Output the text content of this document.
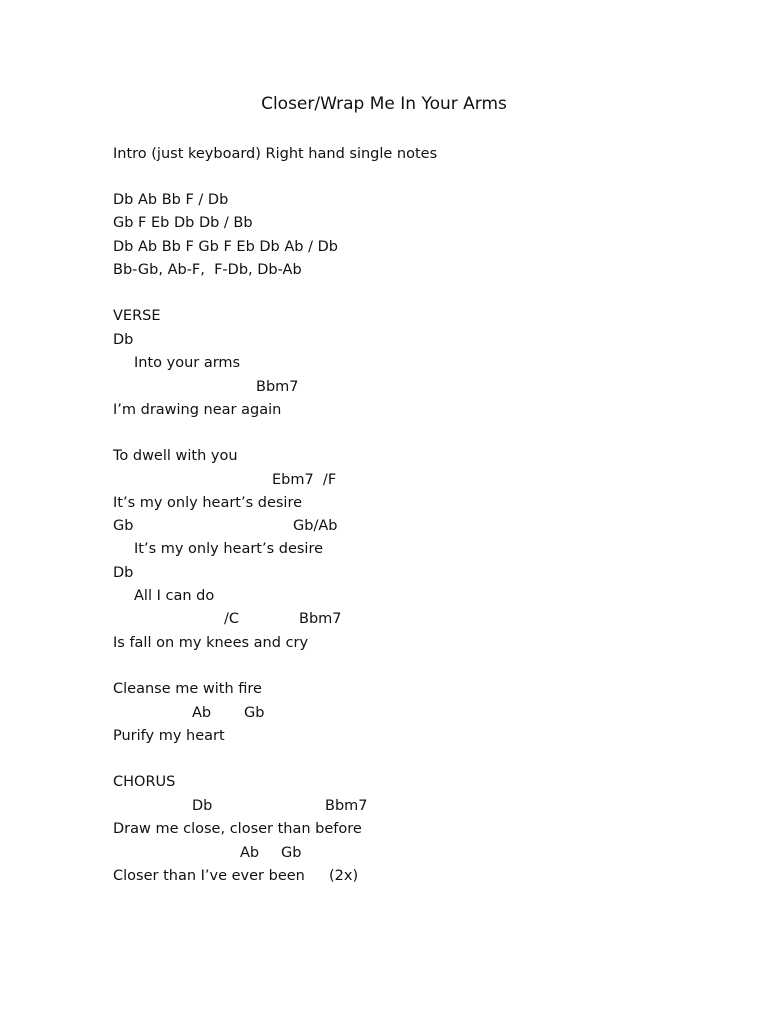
Closer/Wrap Me In Your Arms
Intro (just keyboard) Right hand single notes
Db Ab Bb F / Db
Gb F Eb Db Db / Bb
Db Ab Bb F Gb F Eb Db Ab / Db
Bb-Gb, Ab-F,  F-Db, Db-Ab
VERSE
Db
Into your arms
Bbm7
I’m drawing near again
To dwell with you
Ebm7  /F
It’s my only heart’s desire
Gb	Gb/Ab
It’s my only heart’s desire
Db
All I can do
/C	Bbm7
Is fall on my knees and cry
Cleanse me with fire
Ab Gb
Purify my heart
CHORUS
Db	Bbm7
Draw me close, closer than before
Ab Gb
Closer than I’ve ever been (2x)
